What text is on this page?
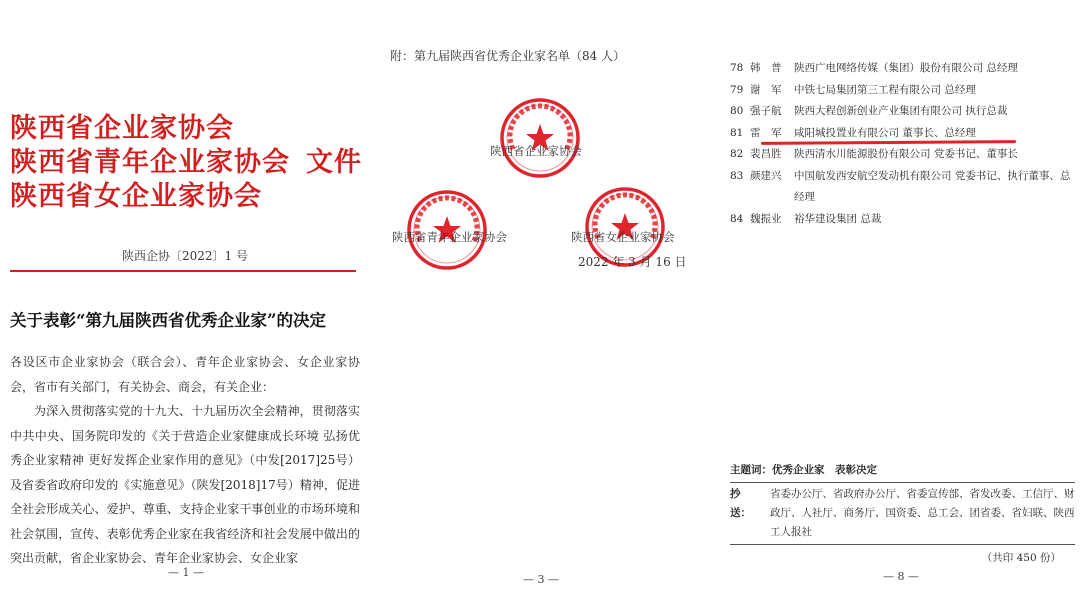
陕西省企业家协会
陕西省青年企业家协会 文件
陕西省女企业家协会
陕西企协〔2022〕1 号
关于表彰“第九届陕西省优秀企业家”的决定

各设区市企业家协会（联合会）、青年企业家协会、女企业家协会，省市有关部门，有关协会、商会，有关企业：

为深入贯彻落实党的十九大、十九届历次全会精神，贯彻落实中共中央、国务院印发的《关于营造企业家健康成长环境 弘扬优秀企业家精神 更好发挥企业家作用的意见》（中发[2017]25号）及省委省政府印发的《实施意见》（陕发[2018]17号）精神，促进全社会形成关心、爱护、尊重、支持企业家干事创业的市场环境和社会氛围，宣传、表彰优秀企业家在我省经济和社会发展中做出的突出贡献，省企业家协会、青年企业家协会、女企业家

— 1 —
附：第九届陕西省优秀企业家名单（84 人）
陕西省企业家协会
陕西省青年企业家协会	陕西省女企业家协会
2022 年 3 月 16 日
— 3 —
78 韩　普	陕西广电网络传媒（集团）股份有限公司 总经理
79 谢　军	中铁七局集团第三工程有限公司 总经理
80 强子航	陕西大程创新创业产业集团有限公司 执行总裁
81 雷　军	咸阳城投置业有限公司 董事长、总经理
82 裴昌胜	陕西清水川能源股份有限公司 党委书记、董事长
83 颜建兴	中国航发西安航空发动机有限公司 党委书记、执行董事、总经理
84 魏振业	裕华建设集团 总裁
主题词：优秀企业家　表彰决定
抄　送：
省委办公厅、省政府办公厅、省委宣传部、省发改委、工信厅、财政厅、人社厅、商务厅、国资委、总工会、团省委、省妇联、陕西工人报社
（共印 450 份）
— 8 —
